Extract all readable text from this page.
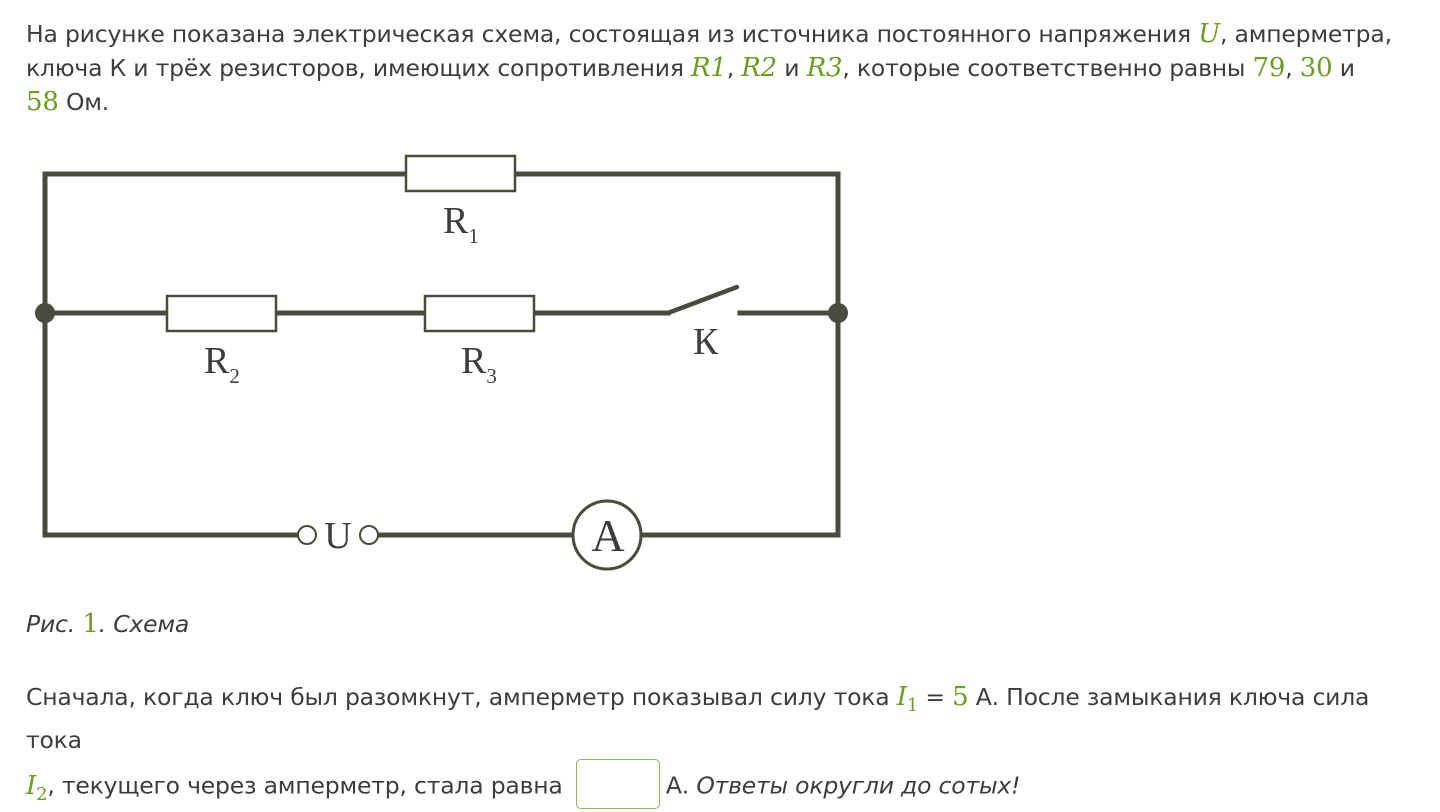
На рисунке показана электрическая схема, состоящая из источника постоянного напряжения U, амперметра, ключа К и трёх резисторов, имеющих сопротивления R1, R2 и R3, которые соответственно равны 79, 30 и
58 Ом.
$R_1$
$R_2$	$R_3$
К
U	A
Рис. 1. Схема
Сначала, когда ключ был разомкнут, амперметр показывал силу тока $I_1 = 5$ А. После замыкания ключа сила тока
$I_2$, текущего через амперметр, стала равна	А. Ответы округли до сотых!
